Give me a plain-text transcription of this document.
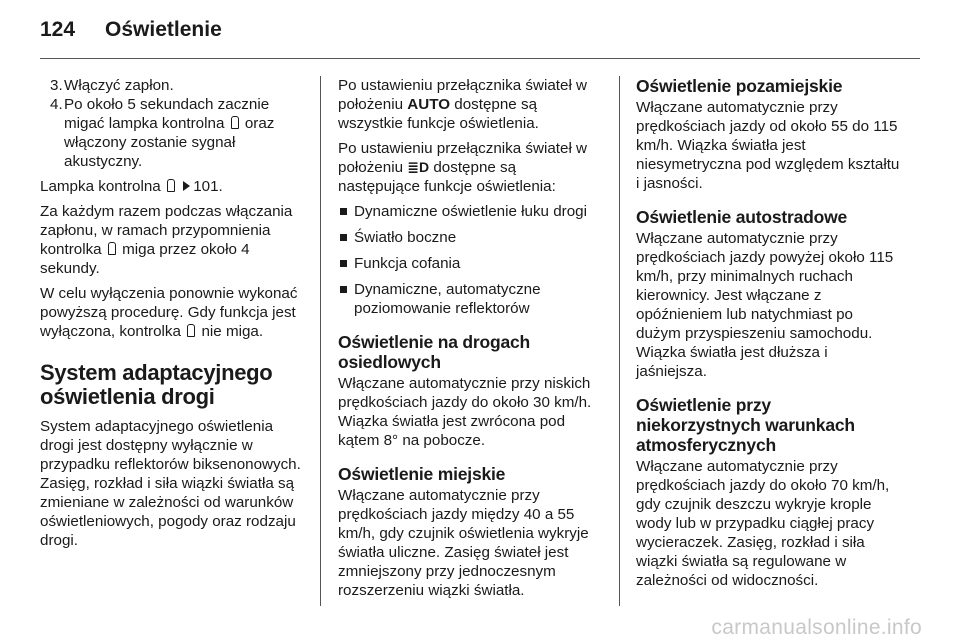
124 Oświetlenie
3. Włączyć zapłon.
4. Po około 5 sekundach zacznie migać lampka kontrolna oraz włączony zostanie sygnał akustyczny.

Lampka kontrolna 101.

Za każdym razem podczas włączania zapłonu, w ramach przypomnienia kontrolka miga przez około 4 sekundy.

W celu wyłączenia ponownie wykonać powyższą procedurę. Gdy funkcja jest wyłączona, kontrolka nie miga.

System adaptacyjnego oświetlenia drogi

System adaptacyjnego oświetlenia drogi jest dostępny wyłącznie w przypadku reflektorów biksenonowych. Zasięg, rozkład i siła wiązki światła są zmieniane w zależności od warunków oświetleniowych, pogody oraz rodzaju drogi.

Po ustawieniu przełącznika świateł w położeniu AUTO dostępne są wszystkie funkcje oświetlenia.

Po ustawieniu przełącznika świateł w położeniu ≣D dostępne są następujące funkcje oświetlenia:

Dynamiczne oświetlenie łuku drogi
Światło boczne
Funkcja cofania
Dynamiczne, automatyczne poziomowanie reflektorów
Oświetlenie na drogach osiedlowych

Włączane automatycznie przy niskich prędkościach jazdy do około 30 km/h. Wiązka światła jest zwrócona pod kątem 8° na pobocze.

Oświetlenie miejskie

Włączane automatycznie przy prędkościach jazdy między 40 a 55 km/h, gdy czujnik oświetlenia wykryje światła uliczne. Zasięg świateł jest zmniejszony przy jednoczesnym rozszerzeniu wiązki światła.

Oświetlenie pozamiejskie

Włączane automatycznie przy prędkościach jazdy od około 55 do 115 km/h. Wiązka światła jest niesymetryczna pod względem kształtu i jasności.

Oświetlenie autostradowe

Włączane automatycznie przy prędkościach jazdy powyżej około 115 km/h, przy minimalnych ruchach kierownicy. Jest włączane z opóźnieniem lub natychmiast po dużym przyspieszeniu samochodu. Wiązka światła jest dłuższa i jaśniejsza.

Oświetlenie przy niekorzystnych warunkach atmosferycznych

Włączane automatycznie przy prędkościach jazdy do około 70 km/h, gdy czujnik deszczu wykryje krople wody lub w przypadku ciągłej pracy wycieraczek. Zasięg, rozkład i siła wiązki światła są regulowane w zależności od widoczności.

carmanualsonline.info
